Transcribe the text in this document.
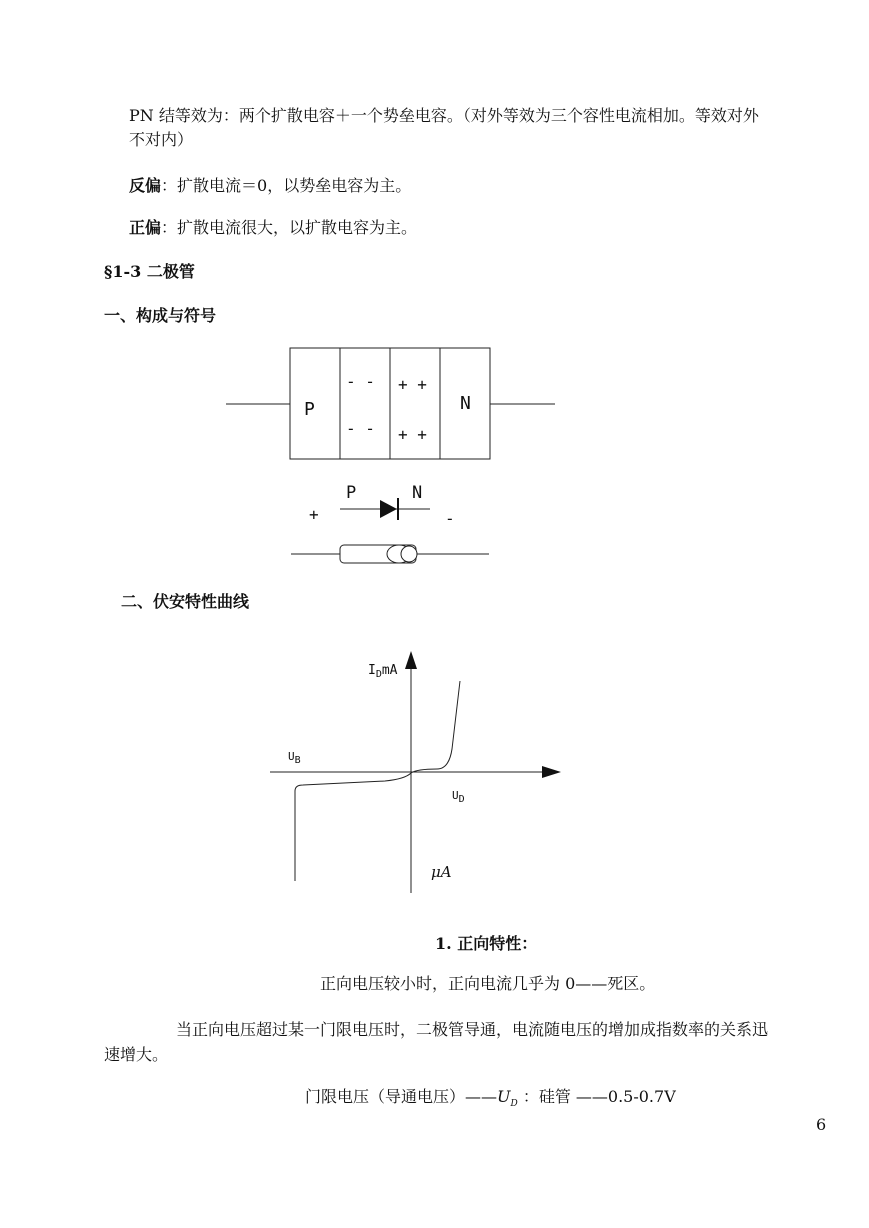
PN 结等效为：两个扩散电容＋一个势垒电容。（对外等效为三个容性电流相加。等效对外

不对内）

反偏：扩散电流＝0，以势垒电容为主。

正偏：扩散电流很大，以扩散电容为主。

§1-3 二极管

一、构成与符号

P
- -
- -
+ +
+ +
N
+
P	N
-

二、伏安特性曲线

$I_DmA$
UB
UD
μA

1. 正向特性：

正向电压较小时，正向电流几乎为 0——死区。

当正向电压超过某一门限电压时，二极管导通，电流随电压的增加成指数率的关系迅

速增大。

门限电压（导通电压）$——U_D$ ：硅管 ——0.5-0.7V

6
